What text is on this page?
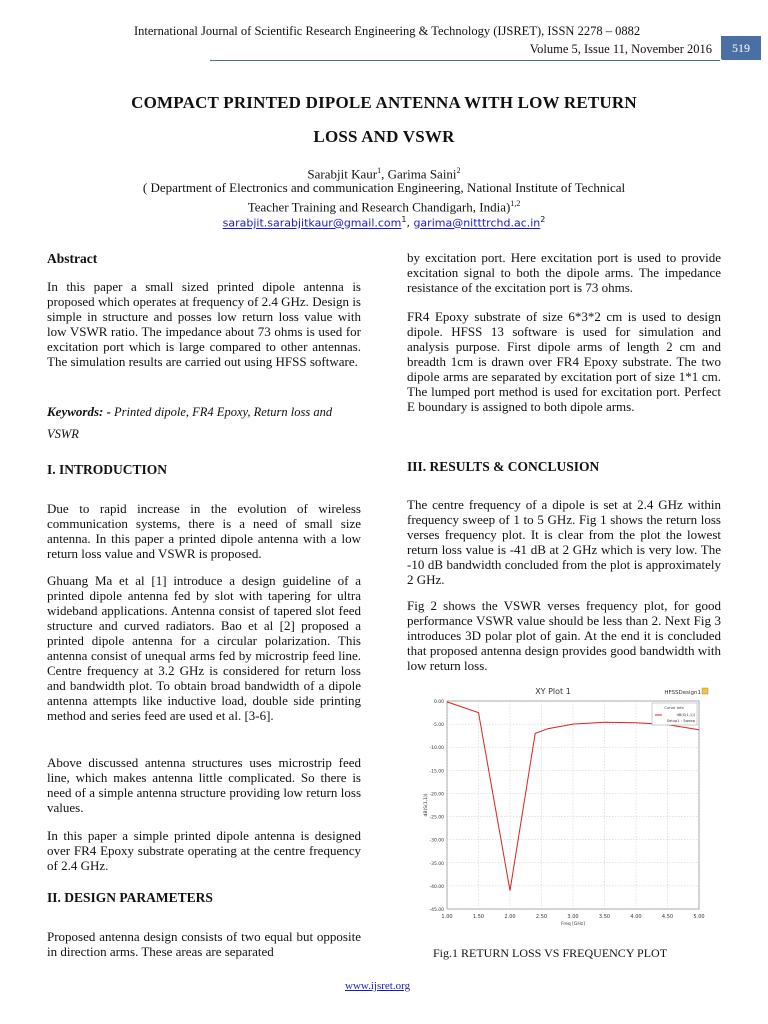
International Journal of Scientific Research Engineering & Technology (IJSRET), ISSN 2278 – 0882
Volume 5, Issue 11, November 2016	519
COMPACT PRINTED DIPOLE ANTENNA WITH LOW RETURN
LOSS AND VSWR
Sarabjit Kaur$^1$, Garima Saini$^2$
( Department of Electronics and communication Engineering, National Institute of Technical
Teacher Training and Research Chandigarh, India)$^{1,2}$
sarabjit.sarabjitkaur@gmail.com$^1$, $garima@nitttrchd.ac.in^2$
Abstract
In this paper a small sized printed dipole antenna is proposed which operates at frequency of 2.4 GHz. Design is simple in structure and posses low return loss value with low VSWR ratio. The impedance about 73 ohms is used for excitation port which is large compared to other antennas. The simulation results are carried out using HFSS software.
Keywords: - Printed dipole, FR4 Epoxy, Return loss and VSWR
I. INTRODUCTION
Due to rapid increase in the evolution of wireless communication systems, there is a need of small size antenna. In this paper a printed dipole antenna with a low return loss value and VSWR is proposed.
Ghuang Ma et al [1] introduce a design guideline of a printed dipole antenna fed by slot with tapering for ultra wideband applications. Antenna consist of tapered slot feed structure and curved radiators. Bao et al [2] proposed a printed dipole antenna for a circular polarization. This antenna consist of unequal arms fed by microstrip feed line. Centre frequency at 3.2 GHz is considered for return loss and bandwidth plot. To obtain broad bandwidth of a dipole antenna attempts like inductive load, double side printing method and series feed are used et al. [3-6].
Above discussed antenna structures uses microstrip feed line, which makes antenna little complicated. So there is need of a simple antenna structure providing low return loss values.
In this paper a simple printed dipole antenna is designed over FR4 Epoxy substrate operating at the centre frequency of 2.4 GHz.
II. DESIGN PARAMETERS
Proposed antenna design consists of two equal but opposite in direction arms. These areas are separated
by excitation port. Here excitation port is used to provide excitation signal to both the dipole arms. The impedance resistance of the excitation port is 73 ohms.
FR4 Epoxy substrate of size 6*3*2 cm is used to design dipole. HFSS 13 software is used for simulation and analysis purpose. First dipole arms of length 2 cm and breadth 1cm is drawn over FR4 Epoxy substrate. The two dipole arms are separated by excitation port of size 1*1 cm. The lumped port method is used for excitation port. Perfect E boundary is assigned to both dipole arms.
III. RESULTS & CONCLUSION
The centre frequency of a dipole is set at 2.4 GHz within frequency sweep of 1 to 5 GHz. Fig 1 shows the return loss verses frequency plot. It is clear from the plot the lowest return loss value is -41 dB at 2 GHz which is very low. The -10 dB bandwidth concluded from the plot is approximately 2 GHz.
Fig 2 shows the VSWR verses frequency plot, for good performance VSWR value should be less than 2. Next Fig 3 introduces 3D polar plot of gain. At the end it is concluded that proposed antenna design provides good bandwidth with low return loss.
1.00	1.50	2.00	2.50	3.00	3.50	4.00	4.50	5.00
0.00
-5.00
-10.00
-15.00
-20.00
-25.00
-30.00
-35.00
-40.00
-45.00
XY Plot 1	HFSSDesign1
Freq [GHz]
dB(S(1,1))
Curve Info
dB(S(1,1))
Setup1 : Sweep
Fig.1 RETURN LOSS VS FREQUENCY PLOT
www.ijsret.org
